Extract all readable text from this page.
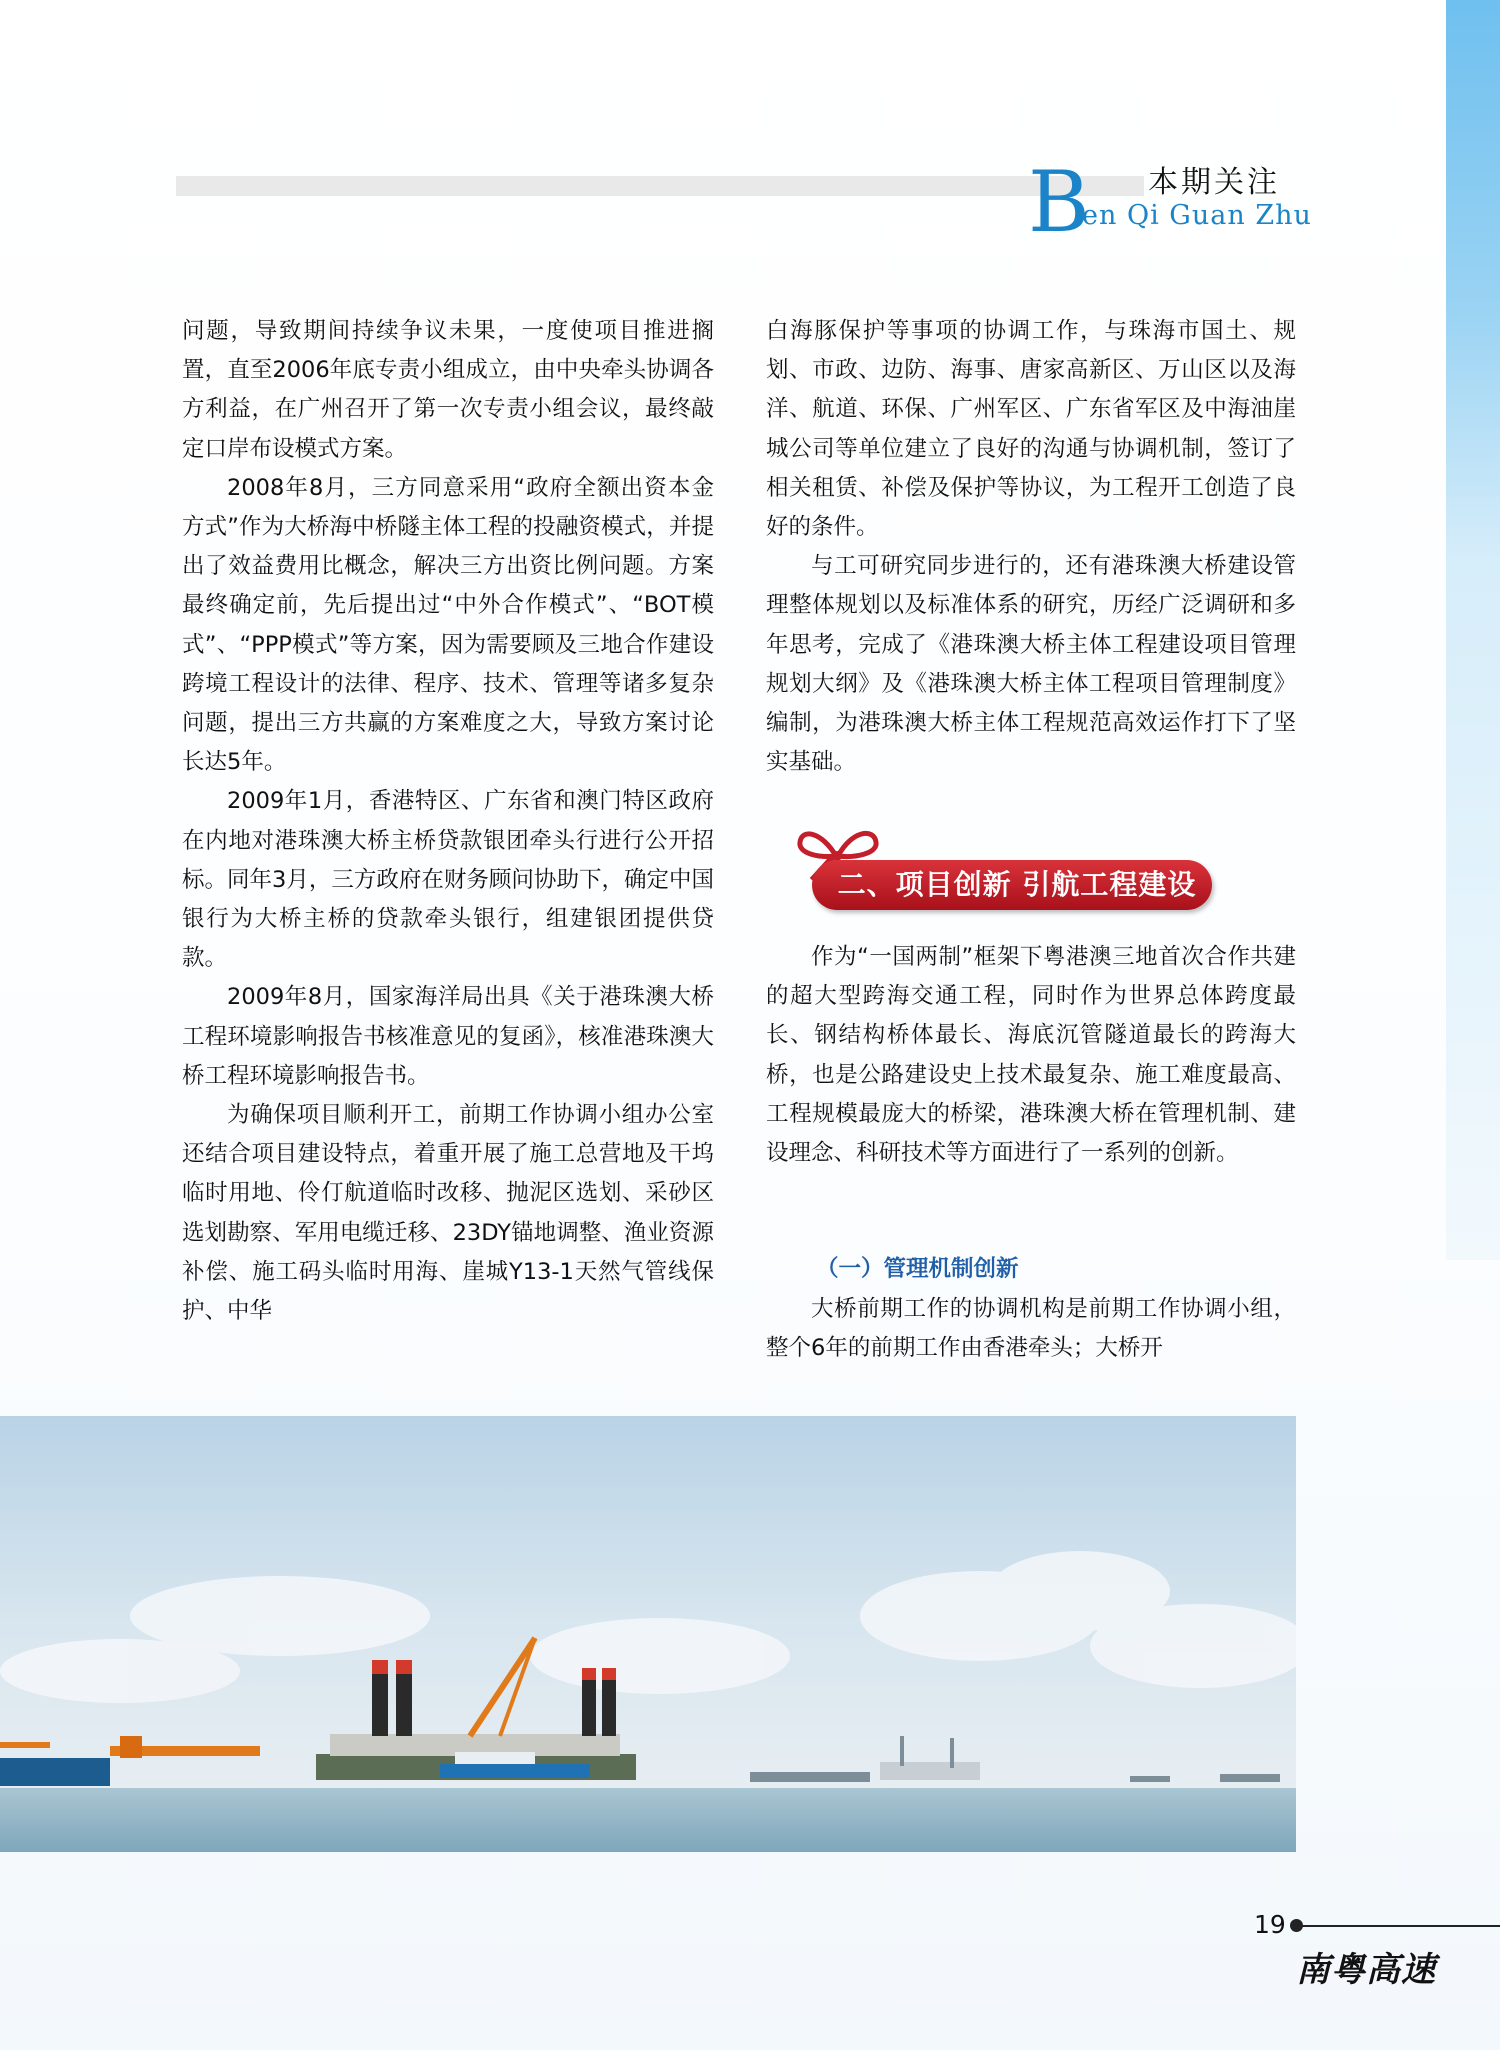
B 本期关注
en Qi Guan Zhu

问题，导致期间持续争议未果，一度使项目推进搁置，直至2006年底专责小组成立，由中央牵头协调各方利益，在广州召开了第一次专责小组会议，最终敲定口岸布设模式方案。

2008年8月，三方同意采用“政府全额出资本金方式”作为大桥海中桥隧主体工程的投融资模式，并提出了效益费用比概念，解决三方出资比例问题。方案最终确定前，先后提出过“中外合作模式”、“BOT模式”、“PPP模式”等方案，因为需要顾及三地合作建设跨境工程设计的法律、程序、技术、管理等诸多复杂问题，提出三方共赢的方案难度之大，导致方案讨论长达5年。

2009年1月，香港特区、广东省和澳门特区政府在内地对港珠澳大桥主桥贷款银团牵头行进行公开招标。同年3月，三方政府在财务顾问协助下，确定中国银行为大桥主桥的贷款牵头银行，组建银团提供贷款。

2009年8月，国家海洋局出具《关于港珠澳大桥工程环境影响报告书核准意见的复函》，核准港珠澳大桥工程环境影响报告书。

为确保项目顺利开工，前期工作协调小组办公室还结合项目建设特点，着重开展了施工总营地及干坞临时用地、伶仃航道临时改移、抛泥区选划、采砂区选划勘察、军用电缆迁移、23DY锚地调整、渔业资源补偿、施工码头临时用海、崖城Y13-1天然气管线保护、中华

白海豚保护等事项的协调工作，与珠海市国土、规划、市政、边防、海事、唐家高新区、万山区以及海洋、航道、环保、广州军区、广东省军区及中海油崖城公司等单位建立了良好的沟通与协调机制，签订了相关租赁、补偿及保护等协议，为工程开工创造了良好的条件。

与工可研究同步进行的，还有港珠澳大桥建设管理整体规划以及标准体系的研究，历经广泛调研和多年思考，完成了《港珠澳大桥主体工程建设项目管理规划大纲》及《港珠澳大桥主体工程项目管理制度》编制，为港珠澳大桥主体工程规范高效运作打下了坚实基础。

二、项目创新 引航工程建设

作为“一国两制”框架下粤港澳三地首次合作共建的超大型跨海交通工程，同时作为世界总体跨度最长、钢结构桥体最长、海底沉管隧道最长的跨海大桥，也是公路建设史上技术最复杂、施工难度最高、工程规模最庞大的桥梁，港珠澳大桥在管理机制、建设理念、科研技术等方面进行了一系列的创新。

（一）管理机制创新

大桥前期工作的协调机构是前期工作协调小组，整个6年的前期工作由香港牵头；大桥开

19
南粤高速
